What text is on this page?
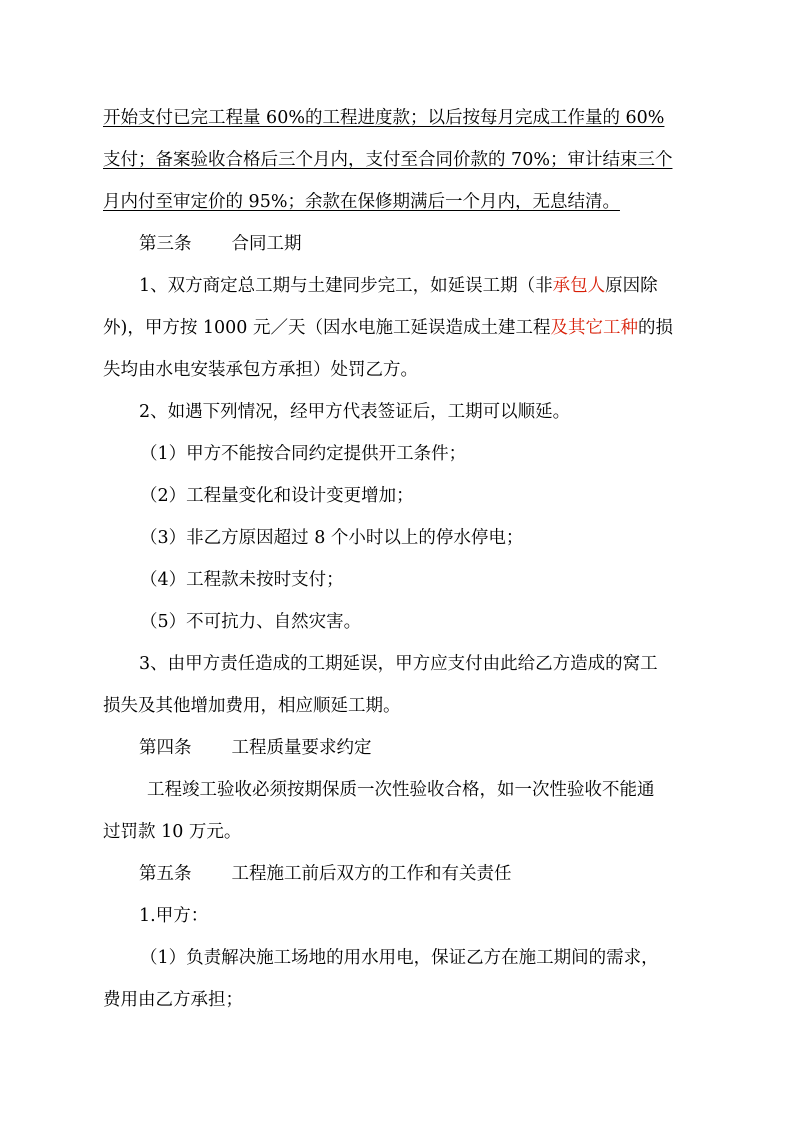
开始支付已完工程量 60%的工程进度款；以后按每月完成工作量的 60%
支付；备案验收合格后三个月内，支付至合同价款的 70%；审计结束三个
月内付至审定价的 95%；余款在保修期满后一个月内，无息结清。
第三条 合同工期
1、双方商定总工期与土建同步完工，如延误工期（非承包人原因除
外)，甲方按 1000 元／天（因水电施工延误造成土建工程及其它工种的损
失均由水电安装承包方承担）处罚乙方。
2、如遇下列情况，经甲方代表签证后，工期可以顺延。
（1）甲方不能按合同约定提供开工条件；
（2）工程量变化和设计变更增加；
（3）非乙方原因超过 8 个小时以上的停水停电；
（4）工程款未按时支付；
（5）不可抗力、自然灾害。
3、由甲方责任造成的工期延误，甲方应支付由此给乙方造成的窝工
损失及其他增加费用，相应顺延工期。
第四条 工程质量要求约定
工程竣工验收必须按期保质一次性验收合格，如一次性验收不能通
过罚款 10 万元。
第五条 工程施工前后双方的工作和有关责任
1.甲方：
（1）负责解决施工场地的用水用电，保证乙方在施工期间的需求，
费用由乙方承担；
